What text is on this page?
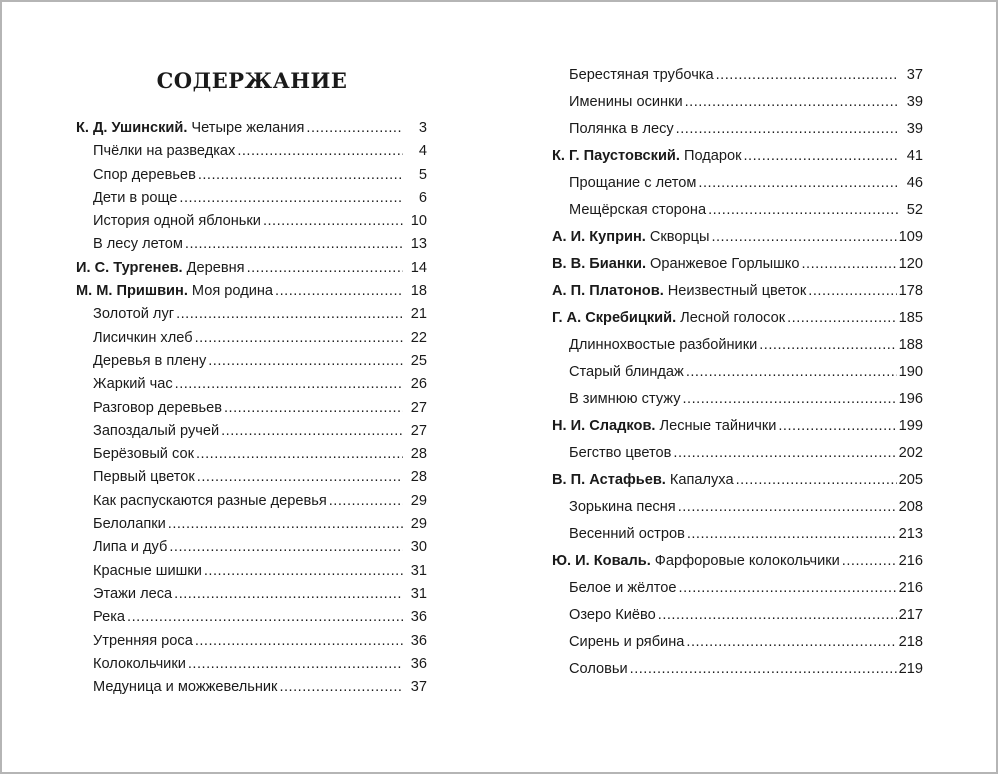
СОДЕРЖАНИЕ
К. Д. Ушинский. Четыре желания .....	3
Пчёлки на разведках .....	4
Спор деревьев .....	5
Дети в роще .....	6
История одной яблоньки .....	10
В лесу летом .....	13
И. С. Тургенев. Деревня .....	14
М. М. Пришвин. Моя родина .....	18
Золотой луг .....	21
Лисичкин хлеб .....	22
Деревья в плену .....	25
Жаркий час .....	26
Разговор деревьев .....	27
Запоздалый ручей .....	27
Берёзовый сок .....	28
Первый цветок .....	28
Как распускаются разные деревья .....	29
Белолапки .....	29
Липа и дуб .....	30
Красные шишки .....	31
Этажи леса .....	31
Река .....	36
Утренняя роса .....	36
Колокольчики .....	36
Медуница и можжевельник .....	37
Берестяная трубочка .....	37
Именины осинки .....	39
Полянка в лесу .....	39
К. Г. Паустовский. Подарок .....	41
Прощание с летом .....	46
Мещёрская сторона .....	52
А. И. Куприн. Скворцы .....	109
В. В. Бианки. Оранжевое Горлышко .....	120
А. П. Платонов. Неизвестный цветок .....	178
Г. А. Скребицкий. Лесной голосок .....	185
Длиннохвостые разбойники .....	188
Старый блиндаж .....	190
В зимнюю стужу .....	196
Н. И. Сладков. Лесные тайнички .....	199
Бегство цветов .....	202
В. П. Астафьев. Капалуха .....	205
Зорькина песня .....	208
Весенний остров .....	213
Ю. И. Коваль. Фарфоровые колокольчики .....	216
Белое и жёлтое .....	216
Озеро Киёво .....	217
Сирень и рябина .....	218
Соловьи .....	219
